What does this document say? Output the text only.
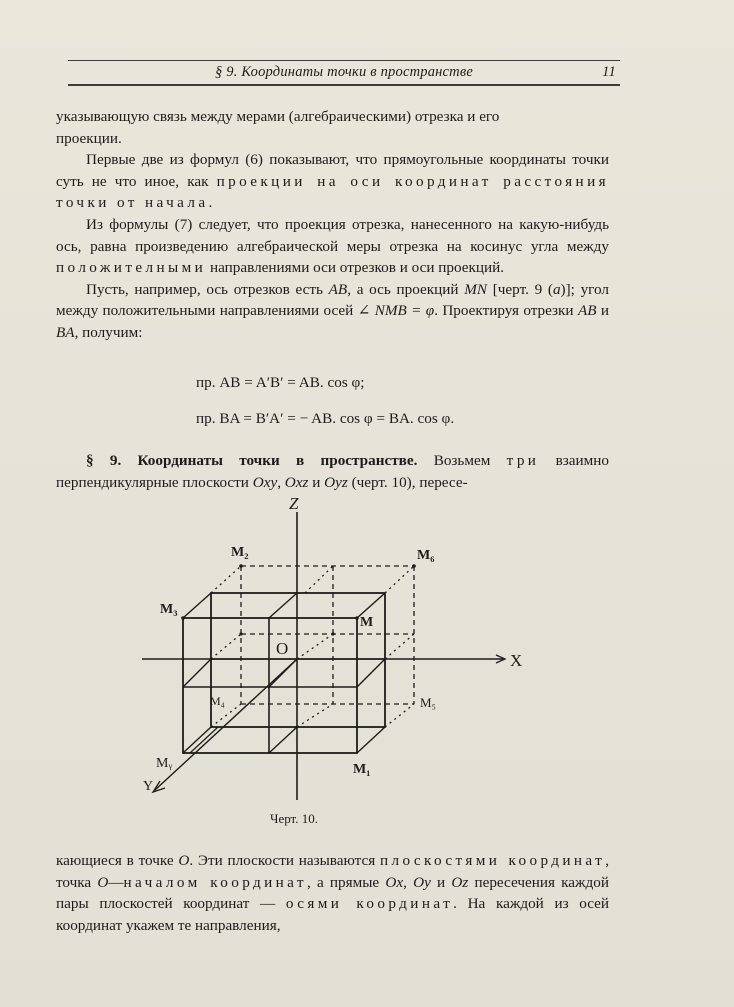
§ 9. Координаты точки в пространстве	11

указывающую связь между мерами (алгебраическими) отрезка и его
проекции.

Первые две из формул (6) показывают, что прямоугольные координаты точки суть не что иное, как проекции на оси координат расстояния точки от начала.

Из формулы (7) следует, что проекция отрезка, нанесенного на какую-нибудь ось, равна произведению алгебраической меры отрезка на косинус угла между положителными направлениями оси отрезков и оси проекций.

Пусть, например, ось отрезков есть AB, а ось проекций MN [черт. 9 (a)]; угол между положительными направлениями осей ∠ NMB = φ. Проектируя отрезки AB и BA, получим:

пр. AB = A′B′ = AB. cos φ;
пр. BA = B′A′ = − AB. cos φ = BA. cos φ.

§ 9. Координаты точки в пространстве. Возьмем три взаимно перпендикулярные плоскости Oxy, Oxz и Oyz (черт. 10), пересе-

Z
X
Y
O
M₂	M₆
M₃
M
M₄	M₅
Mᵧ	M₁
Черт. 10.

кающиеся в точке O. Эти плоскости называются плоскостями координат, точка O—началом координат, а прямые Ox, Oy и Oz пересечения каждой пары плоскостей координат — осями координат. На каждой из осей координат укажем те направления,
